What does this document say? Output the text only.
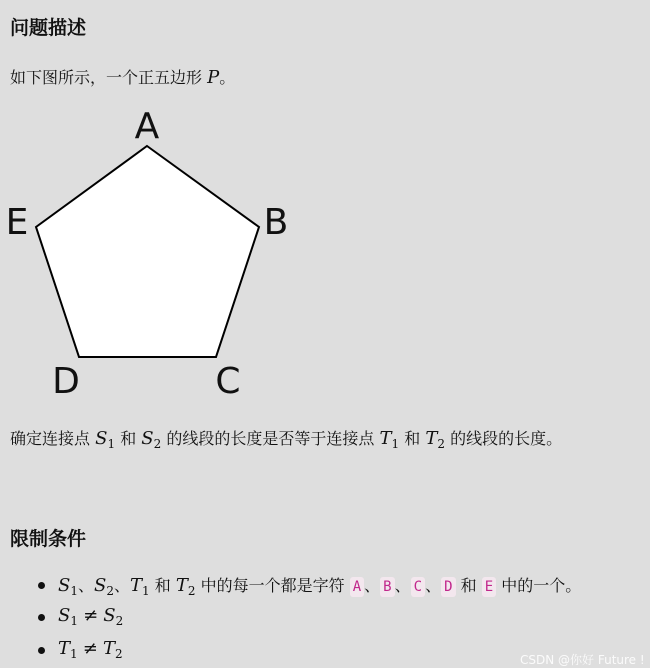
问题描述
如下图所示，一个正五边形 P。
A
B
C
D
E
确定连接点 $S_1$ 和 $S_2$ 的线段的长度是否等于连接点 $T_1$ 和 $T_2$ 的线段的长度。
限制条件
$S_1$、$S_2$、$T_1$ 和 $T_2$ 中的每一个都是字符 A 、 B 、 C 、 D 和 E 中的一个。
$S_1 \ne S_2$
$T_1 \ne T_2$	CSDN @你好 Future !
